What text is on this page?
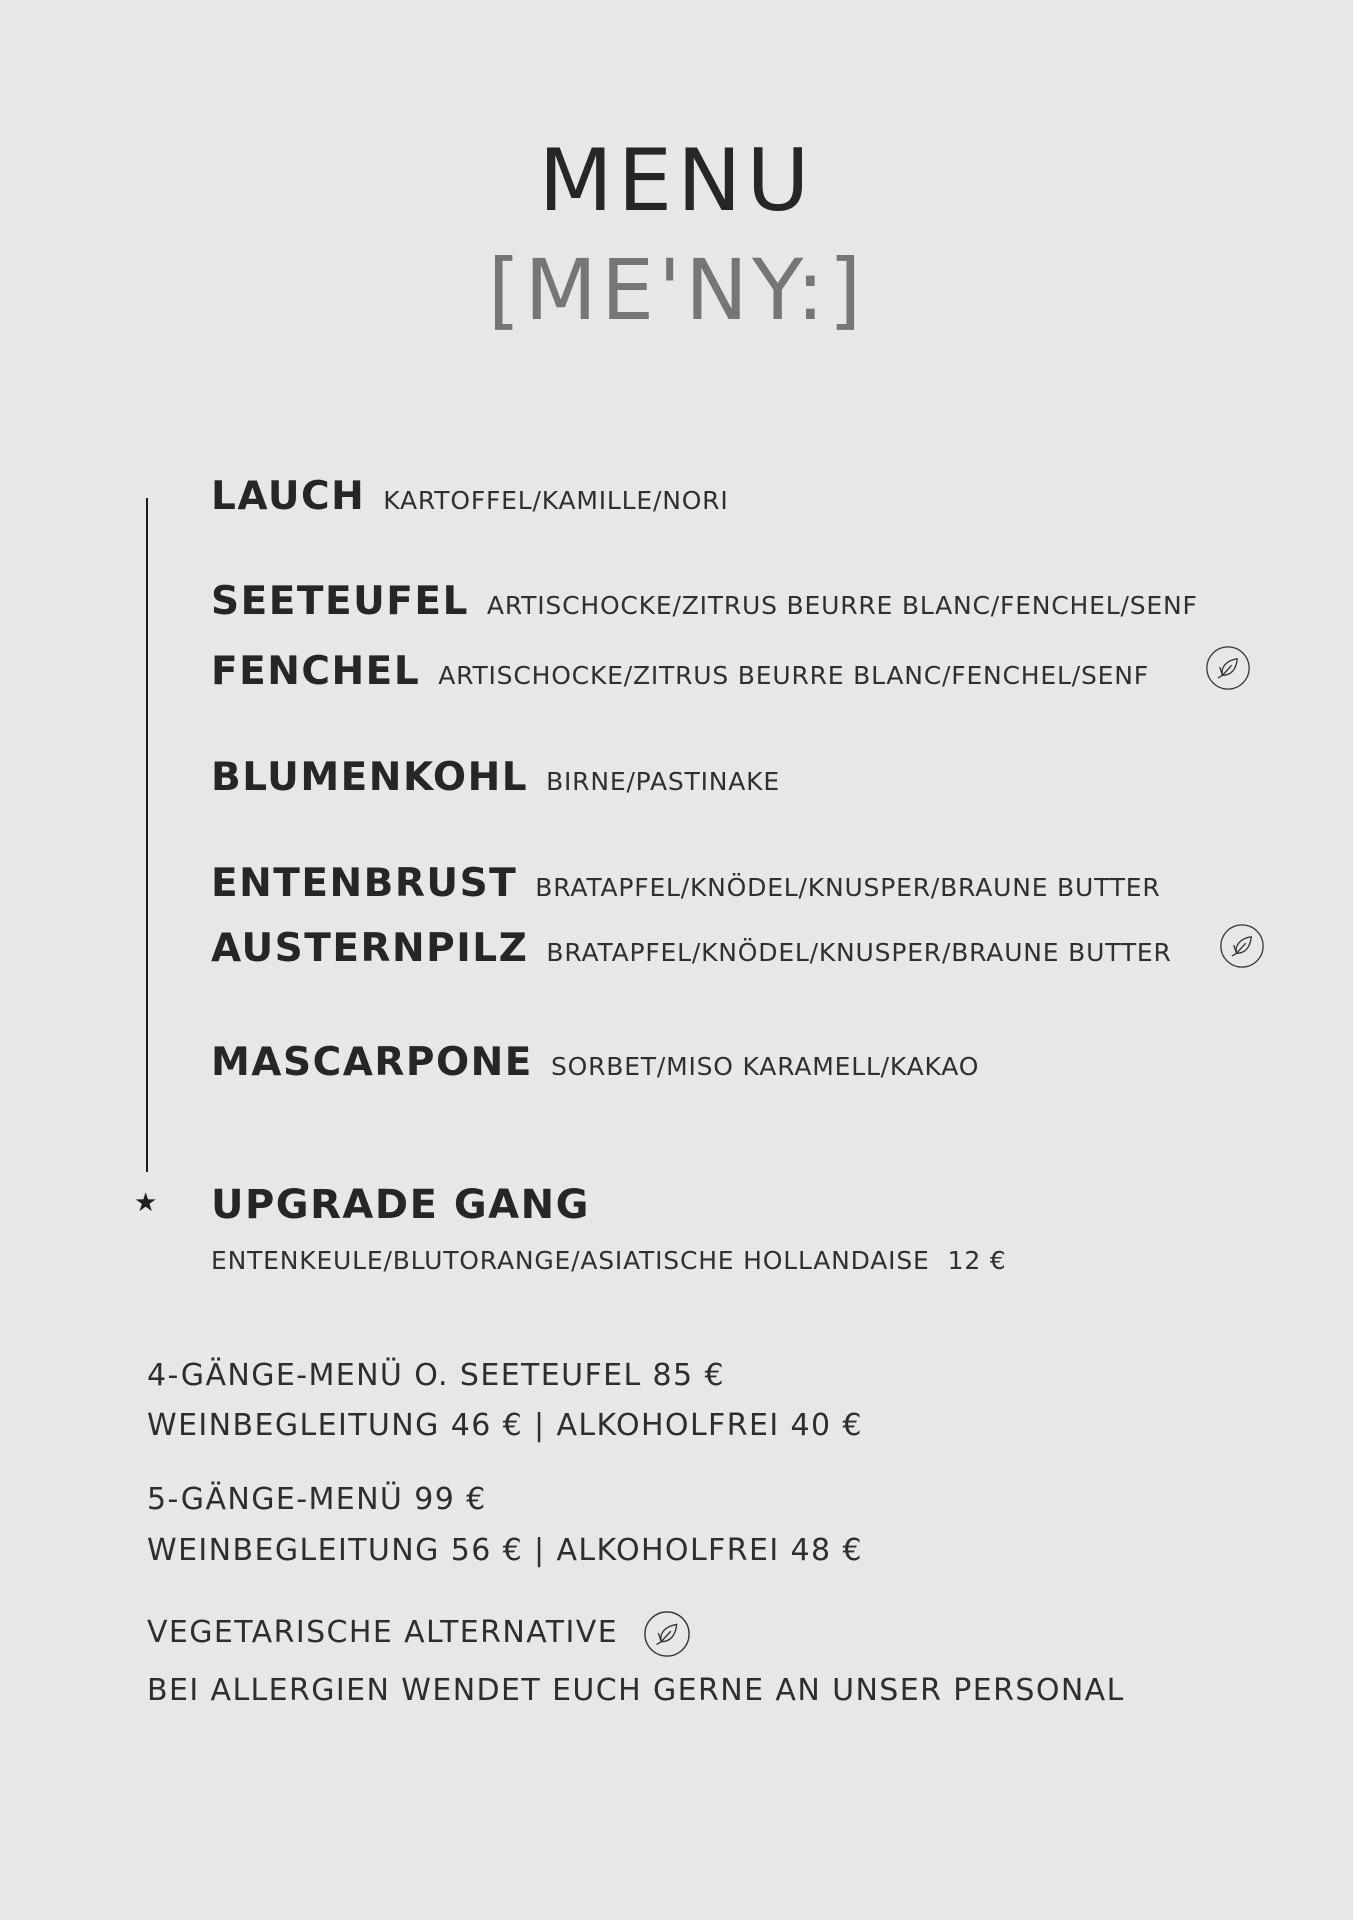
MENU
[ME'NY:]
LAUCH KARTOFFEL/KAMILLE/NORI
SEETEUFEL ARTISCHOCKE/ZITRUS BEURRE BLANC/FENCHEL/SENF
FENCHEL ARTISCHOCKE/ZITRUS BEURRE BLANC/FENCHEL/SENF
BLUMENKOHL BIRNE/PASTINAKE
ENTENBRUST BRATAPFEL/KNÖDEL/KNUSPER/BRAUNE BUTTER
AUSTERNPILZ BRATAPFEL/KNÖDEL/KNUSPER/BRAUNE BUTTER
MASCARPONE SORBET/MISO KARAMELL/KAKAO
★ UPGRADE GANG
ENTENKEULE/BLUTORANGE/ASIATISCHE HOLLANDAISE 12 €
4-GÄNGE-MENÜ O. SEETEUFEL 85 €
WEINBEGLEITUNG 46 € | ALKOHOLFREI 40 €
5-GÄNGE-MENÜ 99 €
WEINBEGLEITUNG 56 € | ALKOHOLFREI 48 €
VEGETARISCHE ALTERNATIVE
BEI ALLERGIEN WENDET EUCH GERNE AN UNSER PERSONAL
